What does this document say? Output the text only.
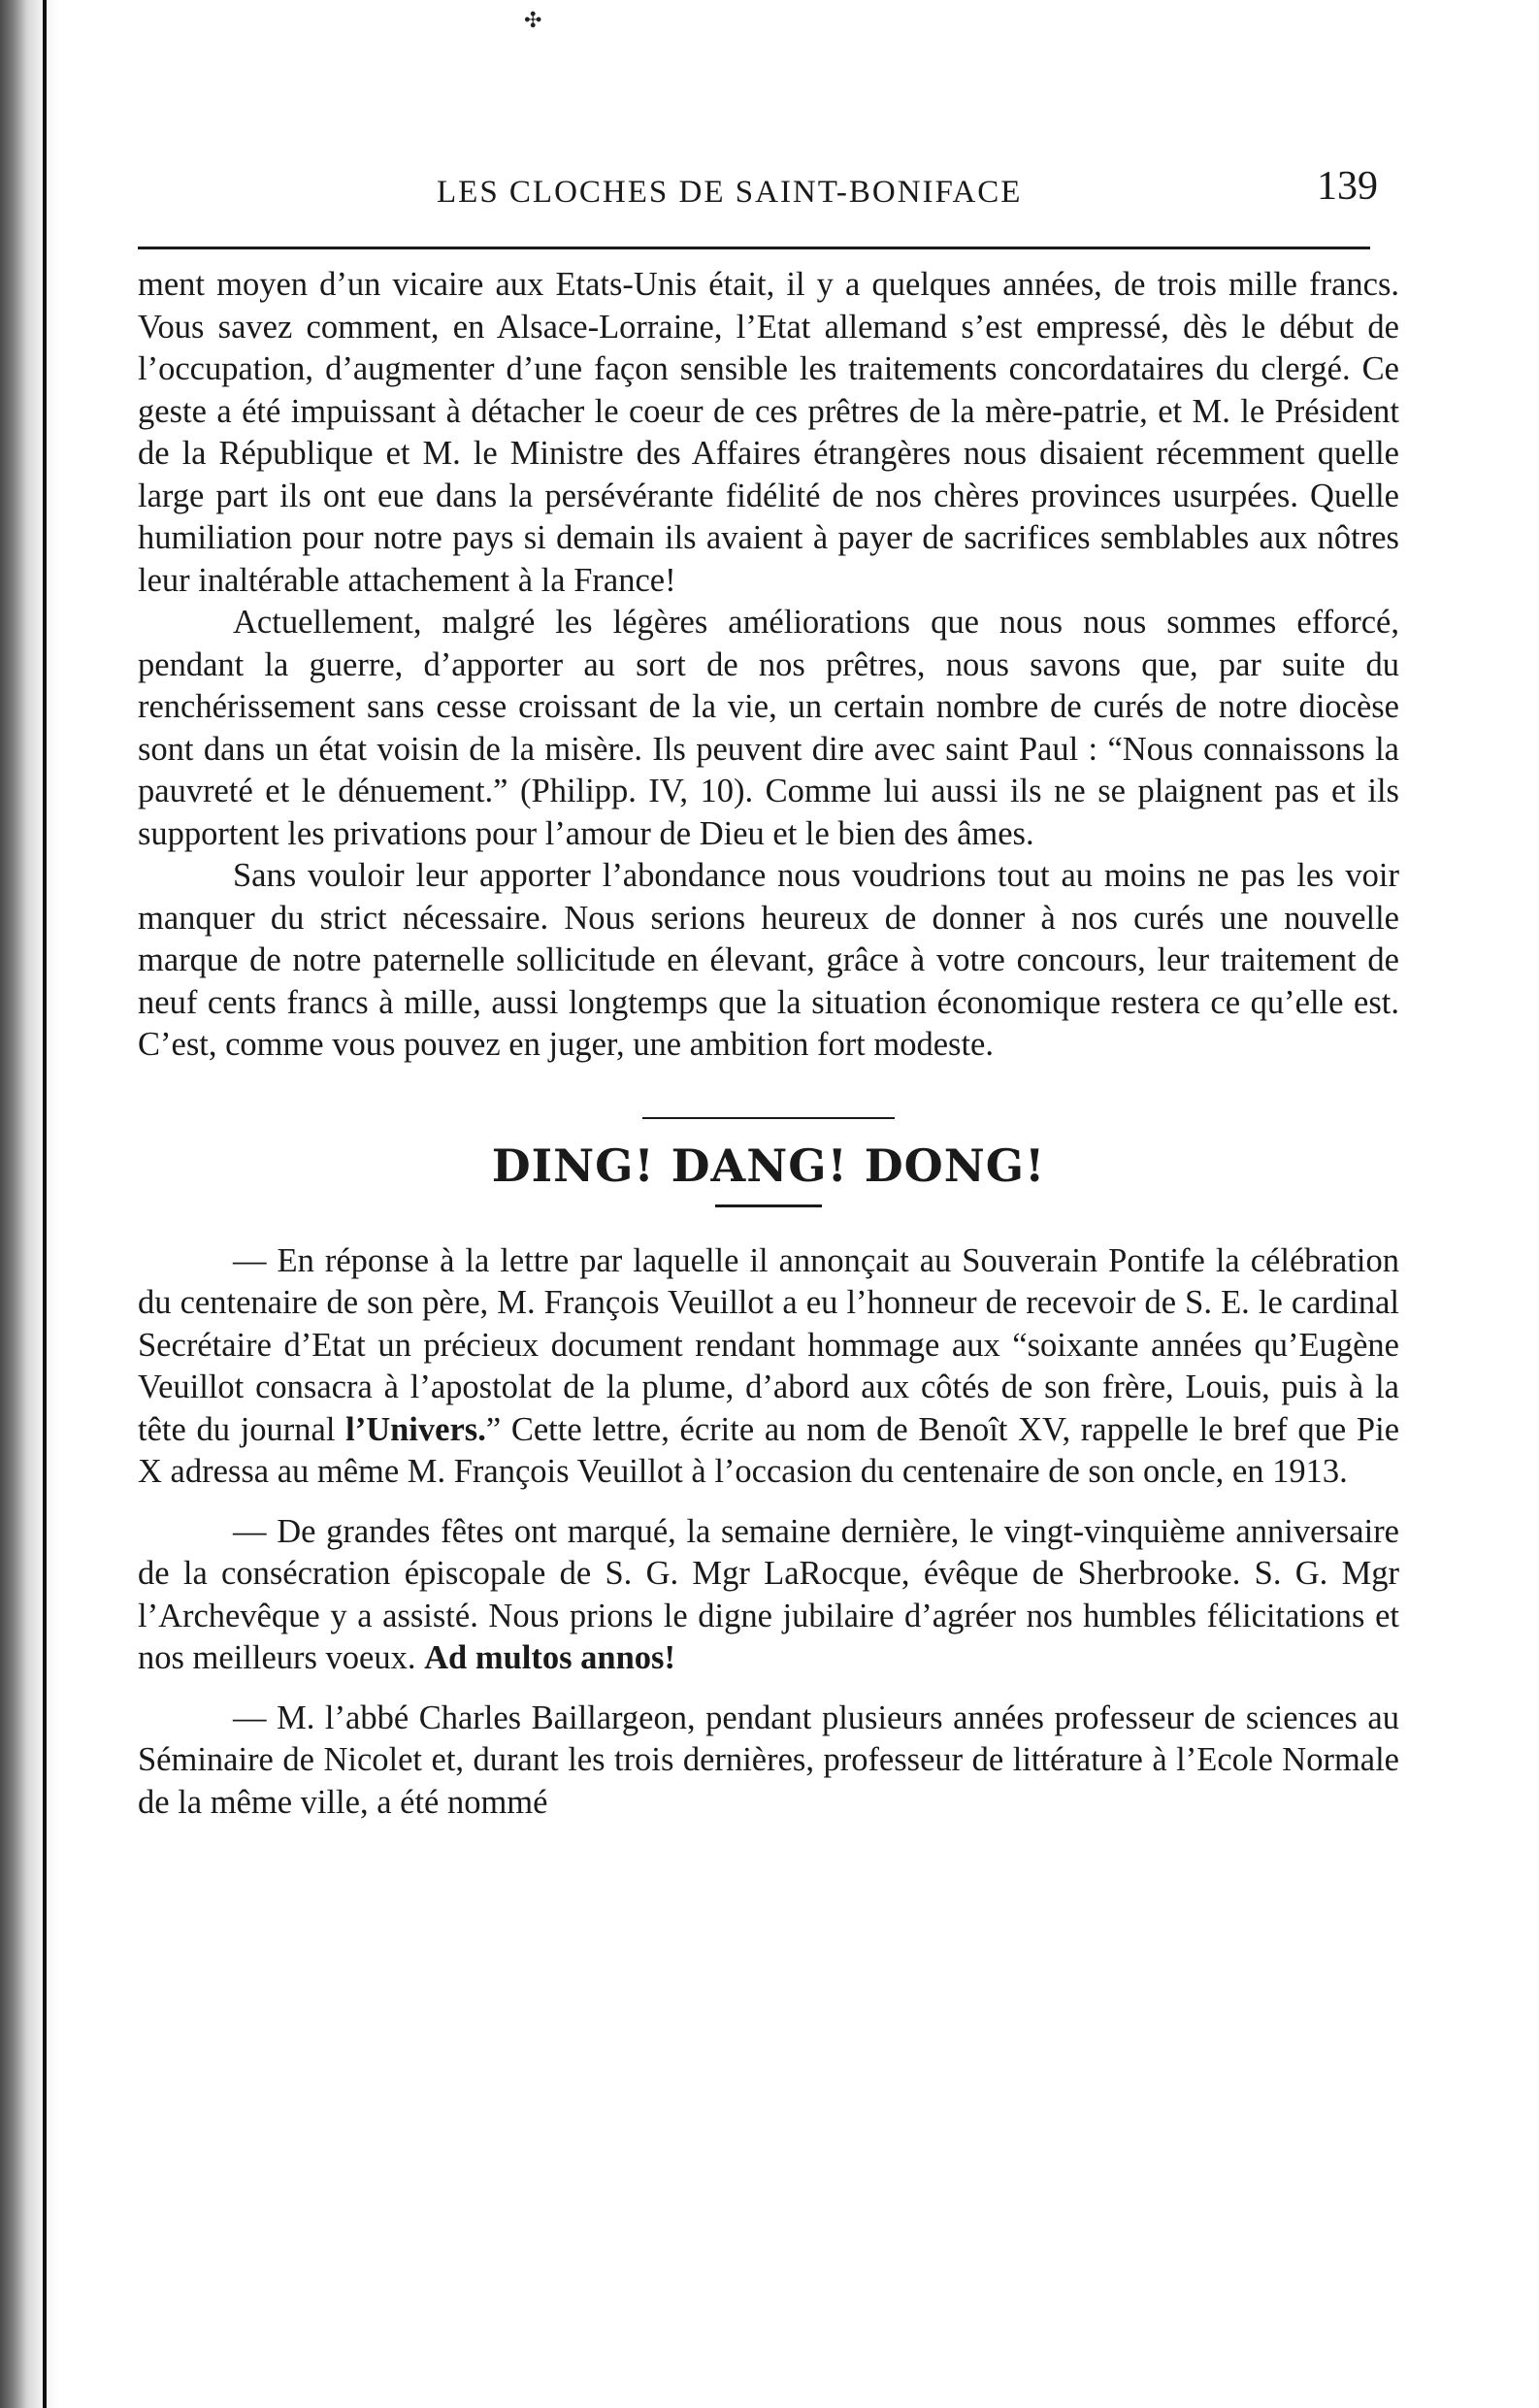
✣
LES CLOCHES DE SAINT-BONIFACE	139

ment moyen d’un vicaire aux Etats-Unis était, il y a quelques années, de trois mille francs. Vous savez comment, en Alsace-Lorraine, l’Etat allemand s’est empressé, dès le début de l’occupation, d’augmenter d’une façon sensible les traitements concordataires du clergé. Ce geste a été impuissant à détacher le coeur de ces prêtres de la mère-patrie, et M. le Président de la République et M. le Ministre des Affaires étrangères nous disaient récemment quelle large part ils ont eue dans la persévérante fidélité de nos chères provinces usurpées. Quelle humiliation pour notre pays si demain ils avaient à payer de sacrifices semblables aux nôtres leur inaltérable attachement à la France!

Actuellement, malgré les légères améliorations que nous nous sommes efforcé, pendant la guerre, d’apporter au sort de nos prêtres, nous savons que, par suite du renchérissement sans cesse croissant de la vie, un certain nombre de curés de notre diocèse sont dans un état voisin de la misère. Ils peuvent dire avec saint Paul : “Nous connaissons la pauvreté et le dénuement.” (Philipp. IV, 10). Comme lui aussi ils ne se plaignent pas et ils supportent les privations pour l’amour de Dieu et le bien des âmes.

Sans vouloir leur apporter l’abondance nous voudrions tout au moins ne pas les voir manquer du strict nécessaire. Nous serions heureux de donner à nos curés une nouvelle marque de notre paternelle sollicitude en élevant, grâce à votre concours, leur traitement de neuf cents francs à mille, aussi longtemps que la situation économique restera ce qu’elle est. C’est, comme vous pouvez en juger, une ambition fort modeste.

DING! DANG! DONG!

— En réponse à la lettre par laquelle il annonçait au Souverain Pontife la célébration du centenaire de son père, M. François Veuillot a eu l’honneur de recevoir de S. E. le cardinal Secrétaire d’Etat un précieux document rendant hommage aux “soixante années qu’Eugène Veuillot consacra à l’apostolat de la plume, d’abord aux côtés de son frère, Louis, puis à la tête du journal l’Univers.” Cette lettre, écrite au nom de Benoît XV, rappelle le bref que Pie X adressa au même M. François Veuillot à l’occasion du centenaire de son oncle, en 1913.

— De grandes fêtes ont marqué, la semaine dernière, le vingt-vinquième anniversaire de la consécration épiscopale de S. G. Mgr LaRocque, évêque de Sherbrooke. S. G. Mgr l’Archevêque y a assisté. Nous prions le digne jubilaire d’agréer nos humbles félicitations et nos meilleurs voeux. Ad multos annos!

— M. l’abbé Charles Baillargeon, pendant plusieurs années professeur de sciences au Séminaire de Nicolet et, durant les trois dernières, professeur de littérature à l’Ecole Normale de la même ville, a été nommé
